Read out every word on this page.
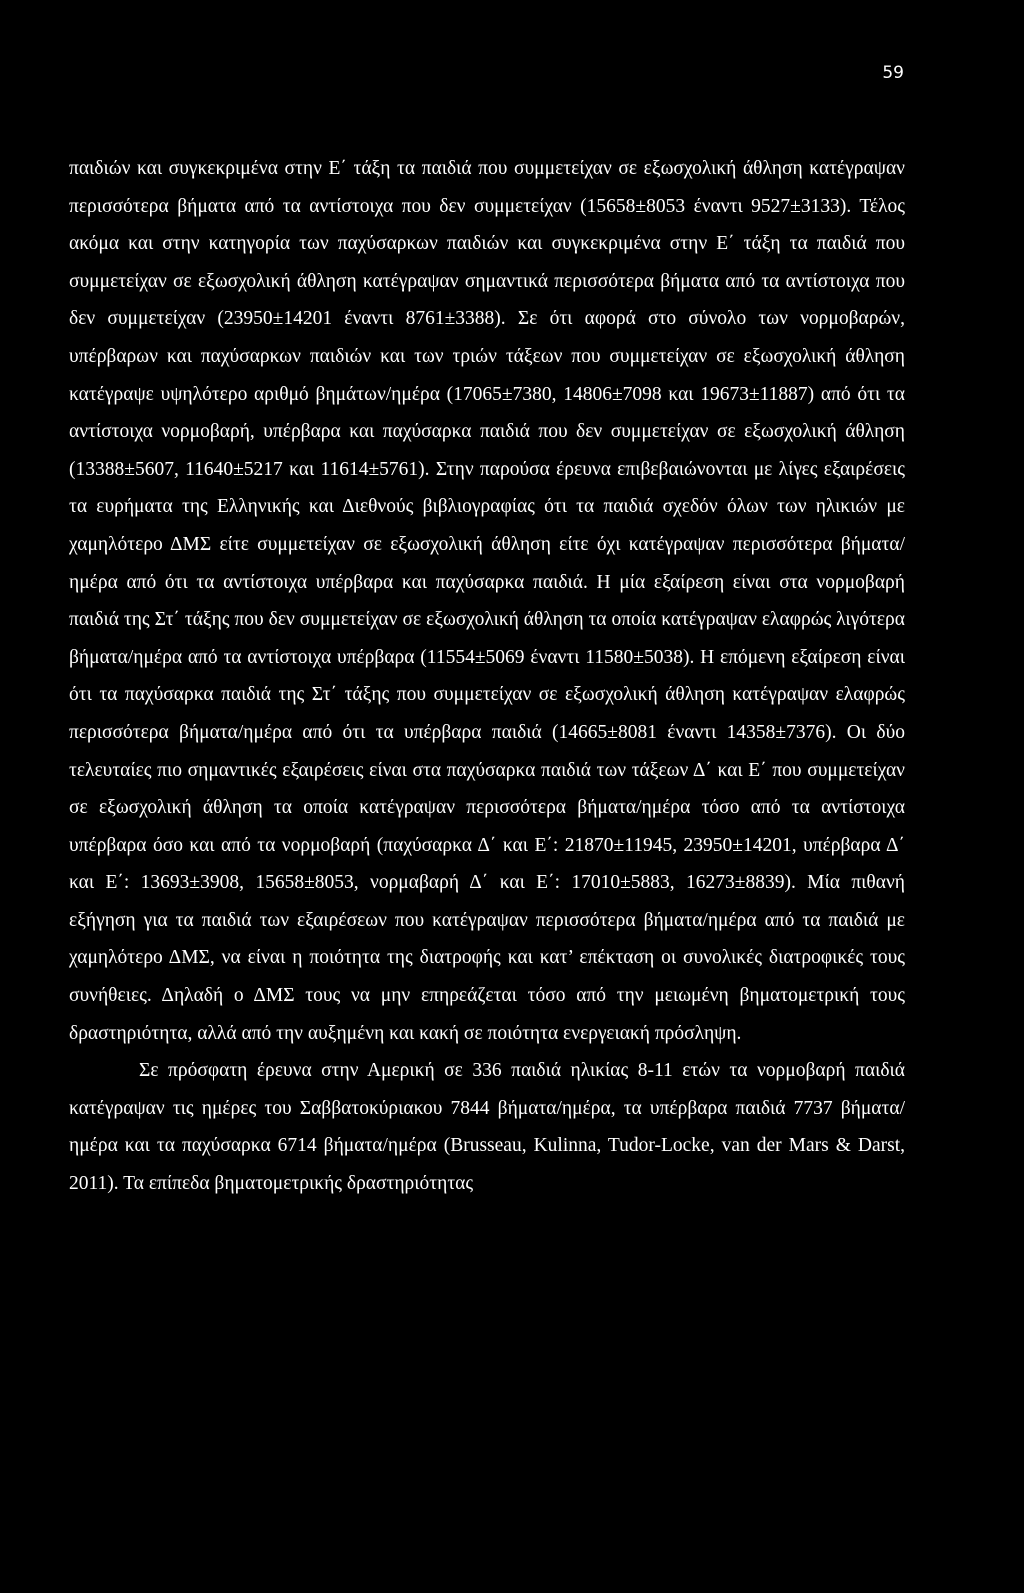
59

παιδιών και συγκεκριμένα στην Ε΄ τάξη τα παιδιά που συμμετείχαν σε εξωσχολική άθληση κατέγραψαν περισσότερα βήματα από τα αντίστοιχα που δεν συμμετείχαν (15658±8053 έναντι 9527±3133). Τέλος ακόμα και στην κατηγορία των παχύσαρκων παιδιών και συγκεκριμένα στην Ε΄ τάξη τα παιδιά που συμμετείχαν σε εξωσχολική άθληση κατέγραψαν σημαντικά περισσότερα βήματα από τα αντίστοιχα που δεν συμμετείχαν (23950±14201 έναντι 8761±3388). Σε ότι αφορά στο σύνολο των νορμοβαρών, υπέρβαρων και παχύσαρκων παιδιών και των τριών τάξεων που συμμετείχαν σε εξωσχολική άθληση κατέγραψε υψηλότερο αριθμό βημάτων/ημέρα (17065±7380, 14806±7098 και 19673±11887) από ότι τα αντίστοιχα νορμοβαρή, υπέρβαρα και παχύσαρκα παιδιά που δεν συμμετείχαν σε εξωσχολική άθληση (13388±5607, 11640±5217 και 11614±5761). Στην παρούσα έρευνα επιβεβαιώνονται με λίγες εξαιρέσεις τα ευρήματα της Ελληνικής και Διεθνούς βιβλιογραφίας ότι τα παιδιά σχεδόν όλων των ηλικιών με χαμηλότερο ΔΜΣ είτε συμμετείχαν σε εξωσχολική άθληση είτε όχι κατέγραψαν περισσότερα βήματα/ημέρα από ότι τα αντίστοιχα υπέρβαρα και παχύσαρκα παιδιά. Η μία εξαίρεση είναι στα νορμοβαρή παιδιά της Στ΄ τάξης που δεν συμμετείχαν σε εξωσχολική άθληση τα οποία κατέγραψαν ελαφρώς λιγότερα βήματα/ημέρα από τα αντίστοιχα υπέρβαρα (11554±5069 έναντι 11580±5038). Η επόμενη εξαίρεση είναι ότι τα παχύσαρκα παιδιά της Στ΄ τάξης που συμμετείχαν σε εξωσχολική άθληση κατέγραψαν ελαφρώς περισσότερα βήματα/ημέρα από ότι τα υπέρβαρα παιδιά (14665±8081 έναντι 14358±7376). Οι δύο τελευταίες πιο σημαντικές εξαιρέσεις είναι στα παχύσαρκα παιδιά των τάξεων Δ΄ και Ε΄ που συμμετείχαν σε εξωσχολική άθληση τα οποία κατέγραψαν περισσότερα βήματα/ημέρα τόσο από τα αντίστοιχα υπέρβαρα όσο και από τα νορμοβαρή (παχύσαρκα Δ΄ και Ε΄: 21870±11945, 23950±14201, υπέρβαρα Δ΄ και Ε΄: 13693±3908, 15658±8053, νορμαβαρή Δ΄ και Ε΄: 17010±5883, 16273±8839). Μία πιθανή εξήγηση για τα παιδιά των εξαιρέσεων που κατέγραψαν περισσότερα βήματα/ημέρα από τα παιδιά με χαμηλότερο ΔΜΣ, να είναι η ποιότητα της διατροφής και κατ’ επέκταση οι συνολικές διατροφικές τους συνήθειες. Δηλαδή ο ΔΜΣ τους να μην επηρεάζεται τόσο από την μειωμένη βηματομετρική τους δραστηριότητα, αλλά από την αυξημένη και κακή σε ποιότητα ενεργειακή πρόσληψη.

Σε πρόσφατη έρευνα στην Αμερική σε 336 παιδιά ηλικίας 8-11 ετών τα νορμοβαρή παιδιά κατέγραψαν τις ημέρες του Σαββατοκύριακου 7844 βήματα/ημέρα, τα υπέρβαρα παιδιά 7737 βήματα/ημέρα και τα παχύσαρκα 6714 βήματα/ημέρα (Brusseau, Kulinna, Tudor-Locke, van der Mars & Darst, 2011). Τα επίπεδα βηματομετρικής δραστηριότητας
